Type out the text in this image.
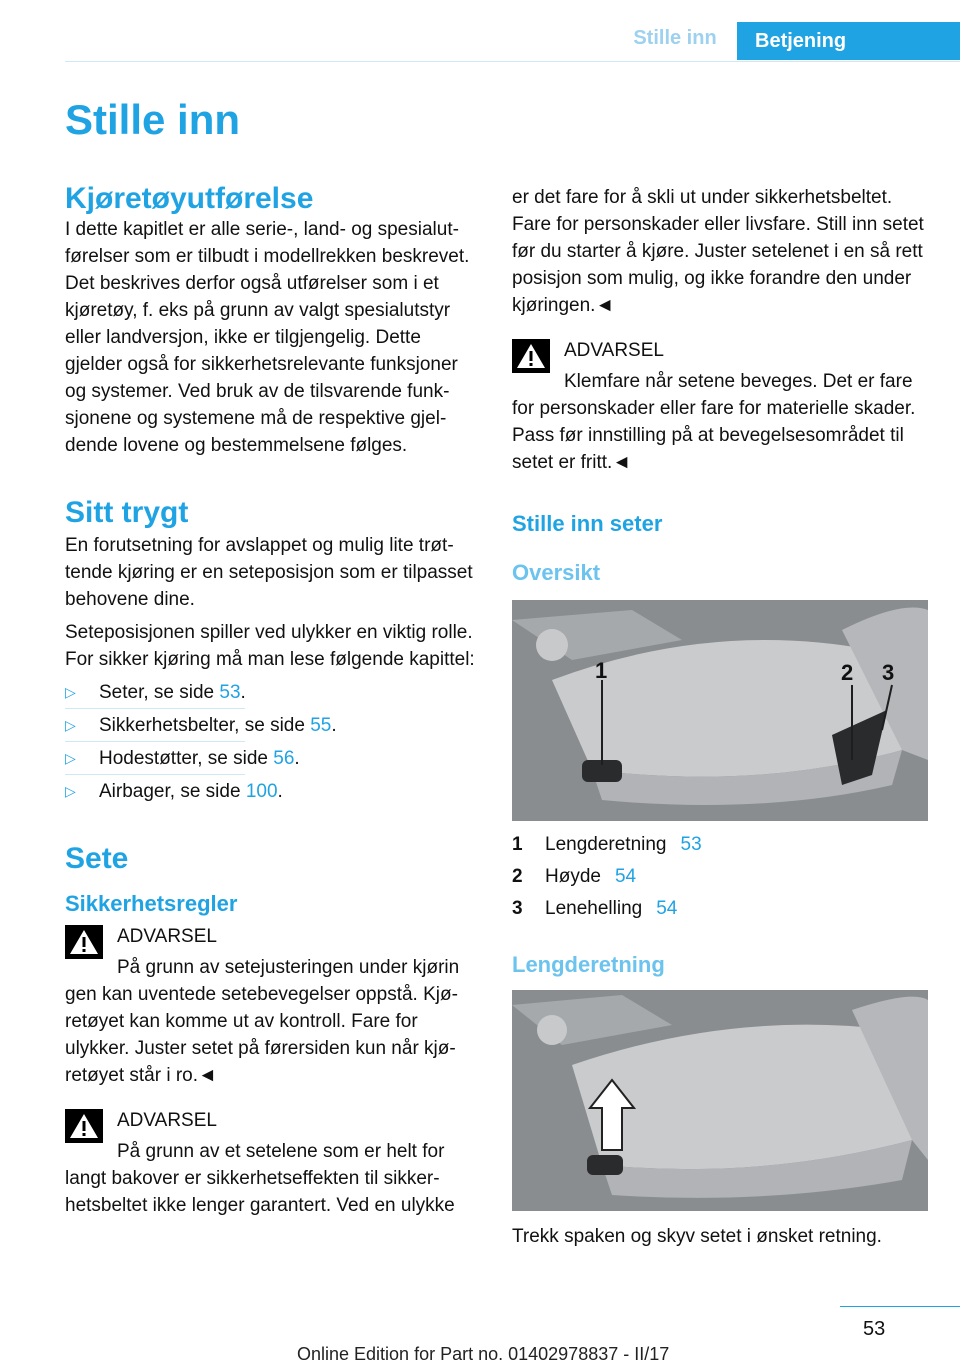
Stille inn	Betjening
Stille inn
Kjøretøyutførelse

I dette kapitlet er alle serie-, land- og spesialutførelser som er tilbudt i modellrekken beskrevet. Det beskrives derfor også utførelser som i et kjøretøy, f. eks på grunn av valgt spesialutstyr eller landversjon, ikke er tilgjengelig. Dette gjelder også for sikkerhetsrelevante funksjoner og systemer. Ved bruk av de tilsvarende funksjonene og systemene må de respektive gjeldende lovene og bestemmelsene følges.

Sitt trygt

En forutsetning for avslappet og mulig lite trøttende kjøring er en seteposisjon som er tilpasset behovene dine.

Seteposisjonen spiller ved ulykker en viktig rolle. For sikker kjøring må man lese følgende kapittel:

▷	Seter, se side 53.
▷	Sikkerhetsbelter, se side 55.
▷	Hodestøtter, se side 56.
▷	Airbager, se side 100.
Sete
Sikkerhetsregler
ADVARSEL
På grunn av setejusteringen under kjørin

gen kan uventede setebevegelser oppstå. Kjøretøyet kan komme ut av kontroll. Fare for ulykker. Juster setet på førersiden kun når kjøretøyet står i ro.◄

ADVARSEL
På grunn av et setelene som er helt for

langt bakover er sikkerhetseffekten til sikkerhetsbeltet ikke lenger garantert. Ved en ulykke

er det fare for å skli ut under sikkerhetsbeltet. Fare for personskader eller livsfare. Still inn setet før du starter å kjøre. Juster setelenet i en så rett posisjon som mulig, og ikke forandre den under kjøringen.◄

ADVARSEL
Klemfare når setene beveges. Det er fare

for personskader eller fare for materielle skader. Pass før innstilling på at bevegelsesområdet til setet er fritt.◄

Stille inn seter
Oversikt
1	2 3
1	Lengderetning 53
2	Høyde 54
3	Lenehelling 54
Lengderetning

Trekk spaken og skyv setet i ønsket retning.

53
Online Edition for Part no. 01402978837 - II/17
